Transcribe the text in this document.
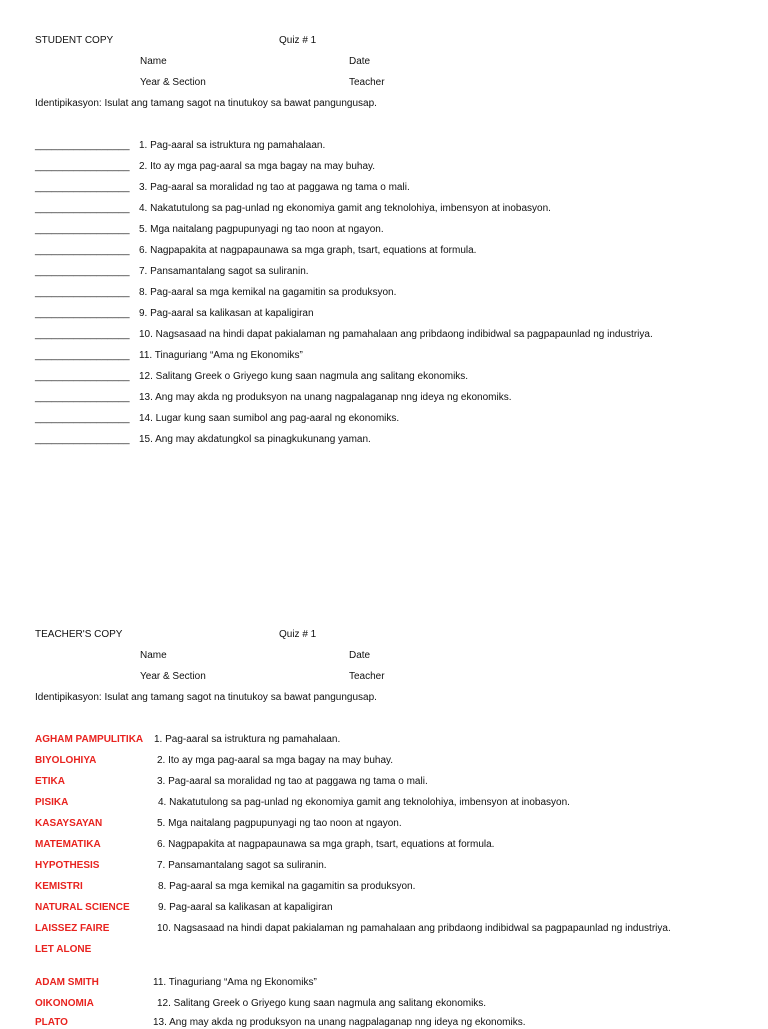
STUDENT COPY	Quiz # 1
Name	Date
Year & Section	Teacher
Identipikasyon: Isulat ang tamang sagot na tinutukoy sa bawat pangungusap.
_________________ 1. Pag-aaral sa istruktura ng pamahalaan.
_________________ 2. Ito ay mga pag-aaral sa mga bagay na may buhay.
_________________ 3. Pag-aaral sa moralidad ng tao at paggawa ng tama o mali.
_________________ 4. Nakatutulong sa pag-unlad ng ekonomiya gamit ang teknolohiya, imbensyon at inobasyon.
_________________ 5. Mga naitalang pagpupunyagi ng tao noon at ngayon.
_________________ 6. Nagpapakita at nagpapaunawa sa mga graph, tsart, equations at formula.
_________________ 7. Pansamantalang sagot sa suliranin.
_________________ 8. Pag-aaral sa mga kemikal na gagamitin sa produksyon.
_________________ 9. Pag-aaral sa kalikasan at kapaligiran
_________________ 10. Nagsasaad na hindi dapat pakialaman ng pamahalaan ang pribdaong indibidwal sa pagpapaunlad ng industriya.
_________________ 11. Tinaguriang “Ama ng Ekonomiks”
_________________ 12. Salitang Greek o Griyego kung saan nagmula ang salitang ekonomiks.
_________________ 13. Ang may akda ng produksyon na unang nagpalaganap nng ideya ng ekonomiks.
_________________ 14. Lugar kung saan sumibol ang pag-aaral ng ekonomiks.
_________________ 15. Ang may akdatungkol sa pinagkukunang yaman.
TEACHER'S COPY	Quiz # 1
Name	Date
Year & Section	Teacher
Identipikasyon: Isulat ang tamang sagot na tinutukoy sa bawat pangungusap.
AGHAM PAMPULITIKA 1. Pag-aaral sa istruktura ng pamahalaan.
BIYOLOHIYA	2. Ito ay mga pag-aaral sa mga bagay na may buhay.
ETIKA	3. Pag-aaral sa moralidad ng tao at paggawa ng tama o mali.
PISIKA	4. Nakatutulong sa pag-unlad ng ekonomiya gamit ang teknolohiya, imbensyon at inobasyon.
KASAYSAYAN	5. Mga naitalang pagpupunyagi ng tao noon at ngayon.
MATEMATIKA	6. Nagpapakita at nagpapaunawa sa mga graph, tsart, equations at formula.
HYPOTHESIS	7. Pansamantalang sagot sa suliranin.
KEMISTRI	8. Pag-aaral sa mga kemikal na gagamitin sa produksyon.
NATURAL SCIENCE	9. Pag-aaral sa kalikasan at kapaligiran
LAISSEZ FAIRE	10. Nagsasaad na hindi dapat pakialaman ng pamahalaan ang pribdaong indibidwal sa pagpapaunlad ng industriya.
LET ALONE
ADAM SMITH	11. Tinaguriang “Ama ng Ekonomiks”
OIKONOMIA	12. Salitang Greek o Griyego kung saan nagmula ang salitang ekonomiks.
PLATO	13. Ang may akda ng produksyon na unang nagpalaganap nng ideya ng ekonomiks.
